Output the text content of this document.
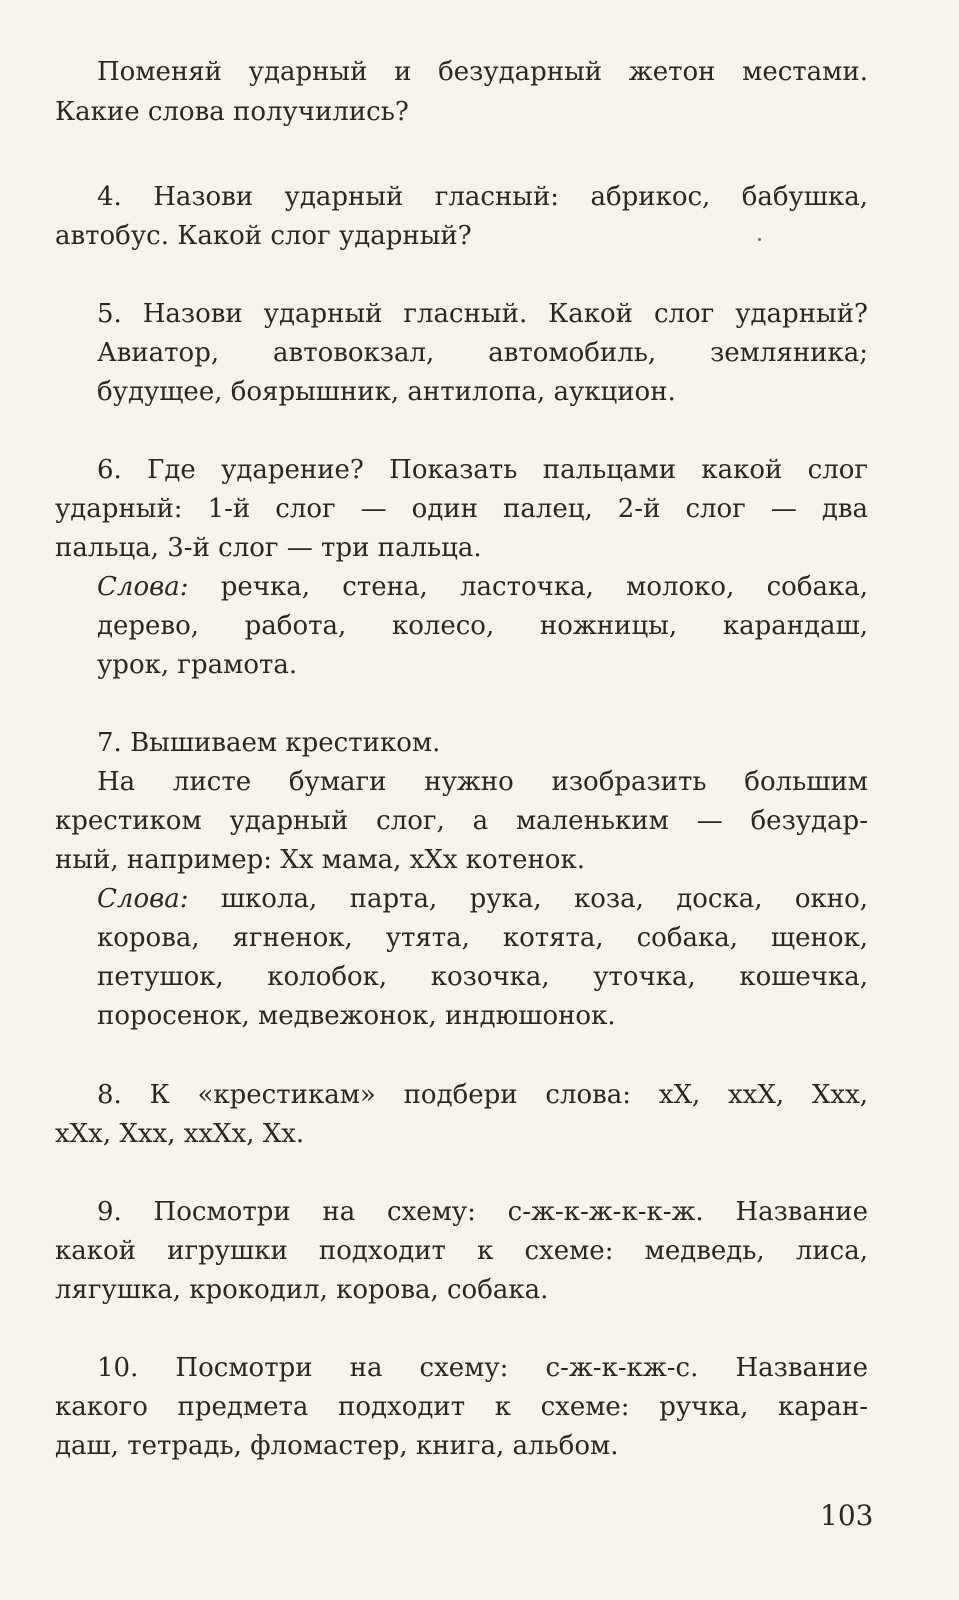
Поменяй ударный и безударный жетон местами.
Какие слова получились?
4. Назови ударный гласный: абрикос, бабушка,
автобус. Какой слог ударный?
5. Назови ударный гласный. Какой слог ударный?
Авиатор, автовокзал, автомобиль, земляника;
будущее, боярышник, антилопа, аукцион.
6. Где ударение? Показать пальцами какой слог
ударный: 1-й слог — один палец, 2-й слог — два
пальца, 3-й слог — три пальца.
Слова: речка, стена, ласточка, молоко, собака,
дерево, работа, колесо, ножницы, карандаш,
урок, грамота.
7. Вышиваем крестиком.
На листе бумаги нужно изобразить большим
крестиком ударный слог, а маленьким — безудар-
ный, например: Хх мама, хХх котенок.
Слова: школа, парта, рука, коза, доска, окно,
корова, ягненок, утята, котята, собака, щенок,
петушок, колобок, козочка, уточка, кошечка,
поросенок, медвежонок, индюшонок.
8. К «крестикам» подбери слова: хХ, ххХ, Ххх,
хХх, Ххх, ххХх, Хх.
9. Посмотри на схему: с-ж-к-ж-к-к-ж. Название
какой игрушки подходит к схеме: медведь, лиса,
лягушка, крокодил, корова, собака.
10. Посмотри на схему: с-ж-к-кж-с. Название
какого предмета подходит к схеме: ручка, каран-
даш, тетрадь, фломастер, книга, альбом.
103
